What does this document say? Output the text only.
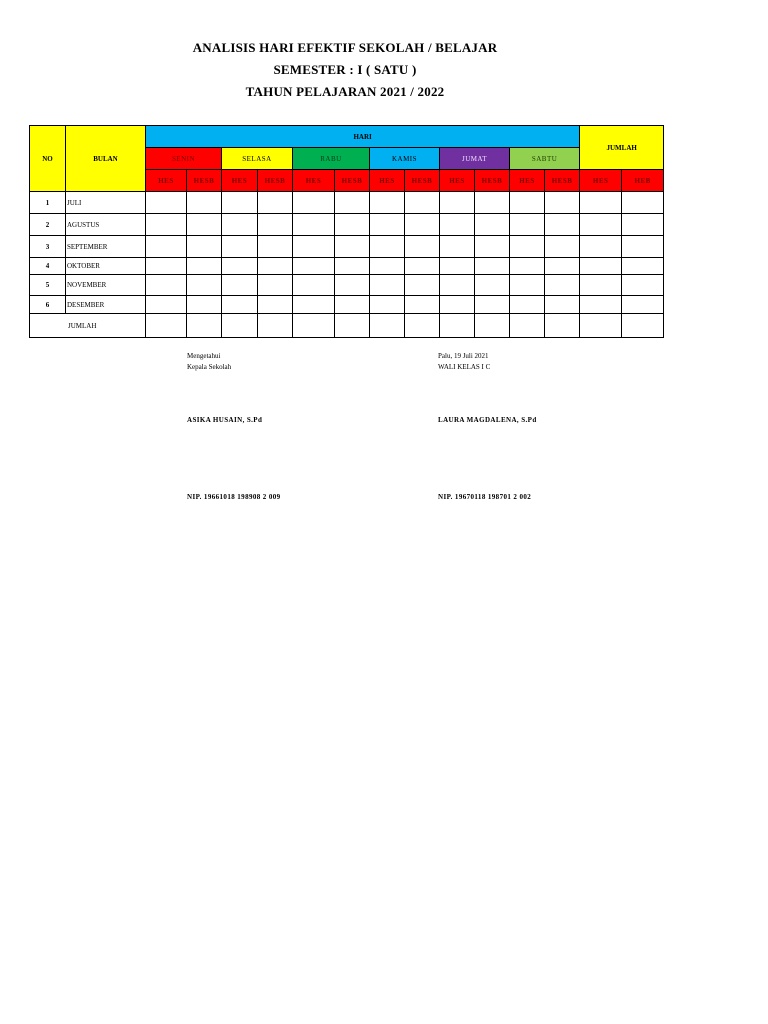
ANALISIS HARI EFEKTIF SEKOLAH / BELAJAR
SEMESTER : I ( SATU )
TAHUN PELAJARAN 2021 / 2022
NO	BULAN	HARI												JUMLAH	
		SENIN		SELASA		RABU		KAMIS		JUMAT		SABTU			
		HES	HESB	HES	HESB	HES	HESB	HES	HESB	HES	HESB	HES	HESB	HES	HEB
1	JULI														
2	AGUSTUS														
3	SEPTEMBER														
4	OKTOBER														
5	NOVEMBER														
6	DESEMBER														
JUMLAH															
Mengetahui
Kepala Sekolah
ASIKA HUSAIN, S.Pd
NIP. 19661018 198908 2 009
Palu, 19 Juli 2021
WALI KELAS I C
LAURA MAGDALENA, S.Pd
NIP. 19670118 198701 2 002
